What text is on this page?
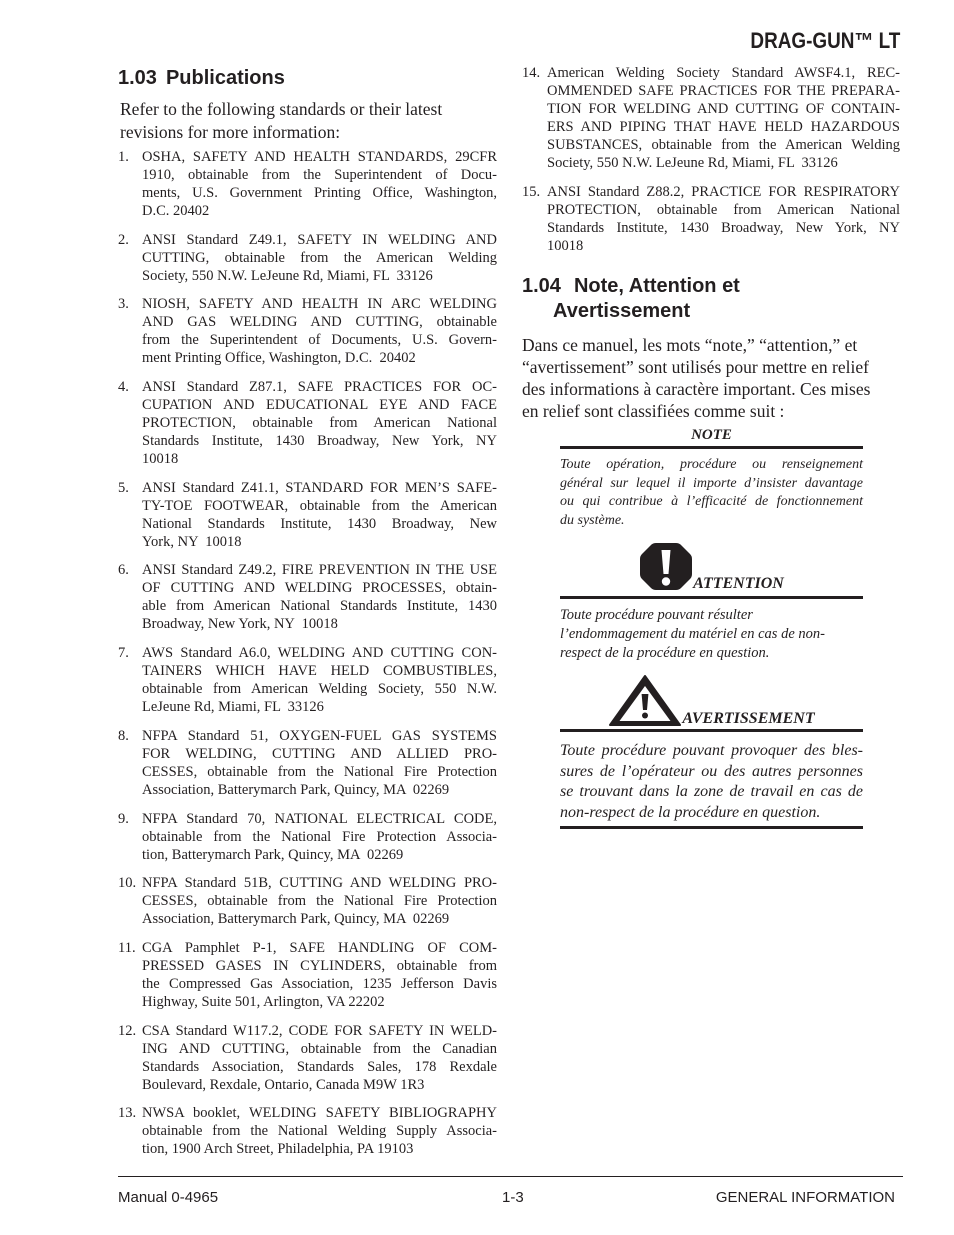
DRAG-GUN™ LT
1.03 Publications
Refer to the following standards or their latest
revisions for more information:
1. OSHA, SAFETY AND HEALTH STANDARDS, 29CFR
1910, obtainable from the Superintendent of Docu-
ments, U.S. Government Printing Office, Washington,
D.C. 20402
2. ANSI Standard Z49.1, SAFETY IN WELDING AND
CUTTING, obtainable from the American Welding
Society, 550 N.W. LeJeune Rd, Miami, FL  33126
3. NIOSH, SAFETY AND HEALTH IN ARC WELDING
AND GAS WELDING AND CUTTING, obtainable
from the Superintendent of Documents, U.S. Govern-
ment Printing Office, Washington, D.C.  20402
4. ANSI Standard Z87.1, SAFE PRACTICES FOR OC-
CUPATION AND EDUCATIONAL EYE AND FACE
PROTECTION, obtainable from American National
Standards Institute, 1430 Broadway, New York, NY
10018
5. ANSI Standard Z41.1, STANDARD FOR MEN’S SAFE-
TY-TOE FOOTWEAR, obtainable from the American
National Standards Institute, 1430 Broadway, New
York, NY  10018
6. ANSI Standard Z49.2, FIRE PREVENTION IN THE USE
OF CUTTING AND WELDING PROCESSES, obtain-
able from American National Standards Institute, 1430
Broadway, New York, NY  10018
7. AWS Standard A6.0, WELDING AND CUTTING CON-
TAINERS WHICH HAVE HELD COMBUSTIBLES,
obtainable from American Welding Society, 550 N.W.
LeJeune Rd, Miami, FL  33126
8. NFPA Standard 51, OXYGEN-FUEL GAS SYSTEMS
FOR WELDING, CUTTING AND ALLIED PRO-
CESSES, obtainable from the National Fire Protection
Association, Batterymarch Park, Quincy, MA  02269
9. NFPA Standard 70, NATIONAL ELECTRICAL CODE,
obtainable from the National Fire Protection Associa-
tion, Batterymarch Park, Quincy, MA  02269
10. NFPA Standard 51B, CUTTING AND WELDING PRO-
CESSES, obtainable from the National Fire Protection
Association, Batterymarch Park, Quincy, MA  02269
11. CGA Pamphlet P-1, SAFE HANDLING OF COM-
PRESSED GASES IN CYLINDERS, obtainable from
the Compressed Gas Association, 1235 Jefferson Davis
Highway, Suite 501, Arlington, VA 22202
12. CSA Standard W117.2, CODE FOR SAFETY IN WELD-
ING AND CUTTING, obtainable from the Canadian
Standards Association, Standards Sales, 178 Rexdale
Boulevard, Rexdale, Ontario, Canada M9W 1R3
13. NWSA booklet, WELDING SAFETY BIBLIOGRAPHY
obtainable from the National Welding Supply Associa-
tion, 1900 Arch Street, Philadelphia, PA 19103
14. American Welding Society Standard AWSF4.1, REC-
OMMENDED SAFE PRACTICES FOR THE PREPARA-
TION FOR WELDING AND CUTTING OF CONTAIN-
ERS AND PIPING THAT HAVE HELD HAZARDOUS
SUBSTANCES, obtainable from the American Welding
Society, 550 N.W. LeJeune Rd, Miami, FL  33126
15. ANSI Standard Z88.2, PRACTICE FOR RESPIRATORY
PROTECTION, obtainable from American National
Standards Institute, 1430 Broadway, New York, NY
10018
1.04 Note, Attention et
Avertissement
Dans ce manuel, les mots “note,” “attention,” et
“avertissement” sont utilisés pour mettre en relief
des informations à caractère important. Ces mises
en relief sont classifiées comme suit :
NOTE
Toute opération, procédure ou renseignement
général sur lequel il importe d’insister davantage
ou qui contribue à l’efficacité de fonctionnement
du système.
ATTENTION
Toute procédure pouvant résulter
l’endommagement du matériel en cas de non-
respect de la procédure en question.
AVERTISSEMENT
Toute procédure pouvant provoquer des bles-
sures de l’opérateur ou des autres personnes
se trouvant dans la zone de travail en cas de
non-respect de la procédure en question.
Manual 0-4965	1-3	GENERAL INFORMATION
